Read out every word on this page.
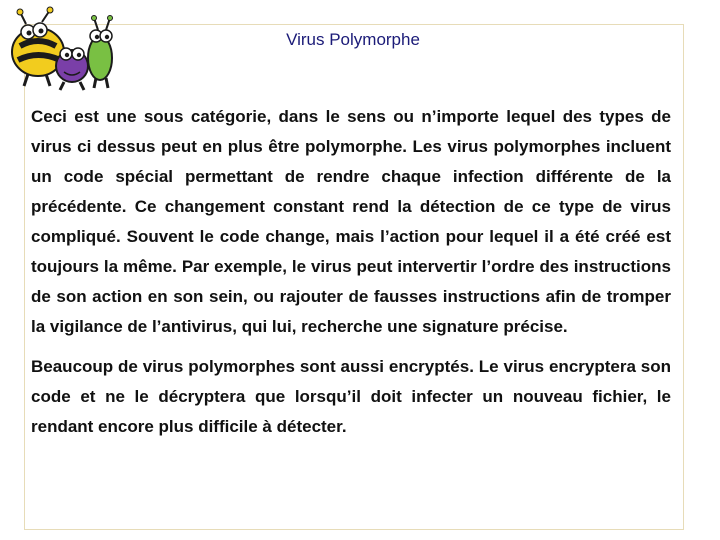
Virus Polymorphe

Ceci est une sous catégorie, dans le sens ou n’importe lequel des types de virus ci dessus peut en plus être polymorphe. Les virus polymorphes incluent un code spécial permettant de rendre chaque infection différente de la précédente. Ce changement constant rend la détection de ce type de virus compliqué. Souvent le code change, mais l’action pour lequel il a été créé est toujours la même. Par exemple, le virus peut intervertir l’ordre des instructions de son action en son sein, ou rajouter de fausses instructions afin de tromper la vigilance de l’antivirus, qui lui, recherche une signature précise.

Beaucoup de virus polymorphes sont aussi encryptés. Le virus encryptera son code et ne le décryptera que lorsqu’il doit infecter un nouveau fichier, le rendant encore plus difficile à détecter.
